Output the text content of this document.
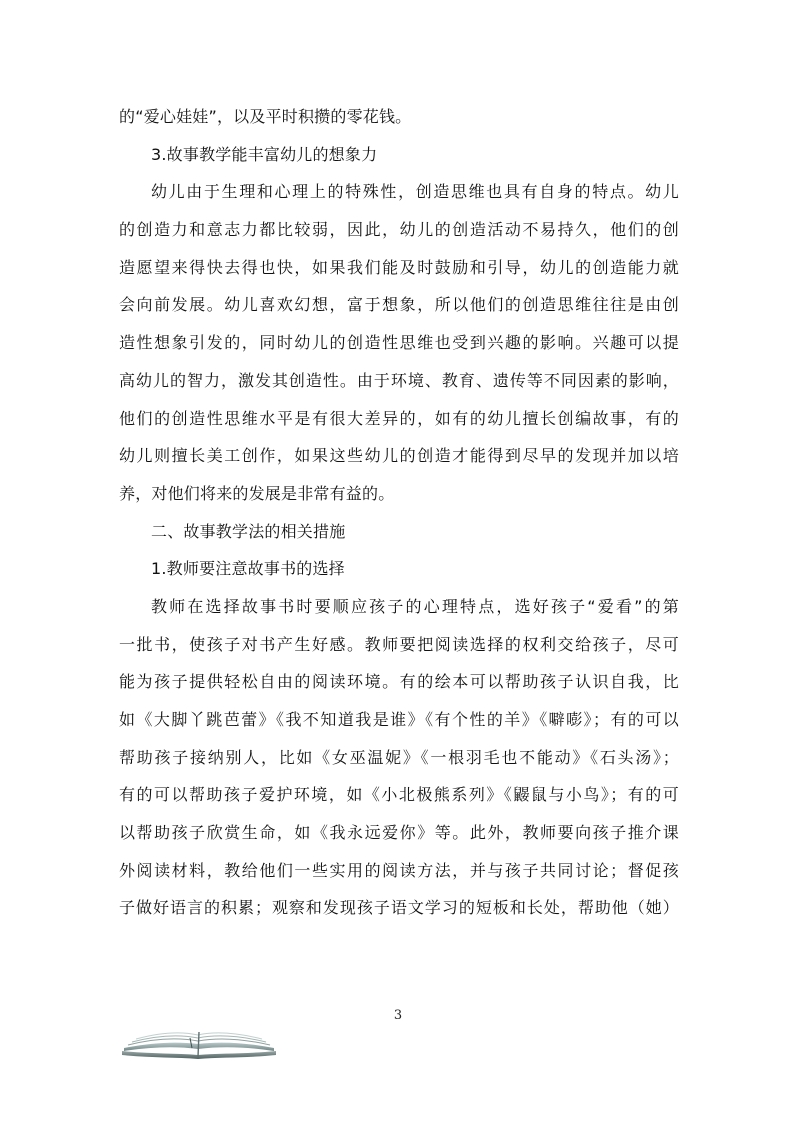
的“爱心娃娃”，以及平时积攒的零花钱。
3.故事教学能丰富幼儿的想象力
幼儿由于生理和心理上的特殊性，创造思维也具有自身的特点。幼儿
的创造力和意志力都比较弱，因此，幼儿的创造活动不易持久，他们的创
造愿望来得快去得也快，如果我们能及时鼓励和引导，幼儿的创造能力就
会向前发展。幼儿喜欢幻想，富于想象，所以他们的创造思维往往是由创
造性想象引发的，同时幼儿的创造性思维也受到兴趣的影响。兴趣可以提
高幼儿的智力，激发其创造性。由于环境、教育、遗传等不同因素的影响，
他们的创造性思维水平是有很大差异的，如有的幼儿擅长创编故事，有的
幼儿则擅长美工创作，如果这些幼儿的创造才能得到尽早的发现并加以培
养，对他们将来的发展是非常有益的。
二、故事教学法的相关措施
1.教师要注意故事书的选择
教师在选择故事书时要顺应孩子的心理特点，选好孩子“爱看”的第
一批书，使孩子对书产生好感。教师要把阅读选择的权利交给孩子，尽可
能为孩子提供轻松自由的阅读环境。有的绘本可以帮助孩子认识自我，比
如《大脚丫跳芭蕾》《我不知道我是谁》《有个性的羊》《噼嘭》；有的可以
帮助孩子接纳别人，比如《女巫温妮》《一根羽毛也不能动》《石头汤》；
有的可以帮助孩子爱护环境，如《小北极熊系列》《鼹鼠与小鸟》；有的可
以帮助孩子欣赏生命，如《我永远爱你》等。此外，教师要向孩子推介课
外阅读材料，教给他们一些实用的阅读方法，并与孩子共同讨论；督促孩
子做好语言的积累；观察和发现孩子语文学习的短板和长处，帮助他（她）
3
